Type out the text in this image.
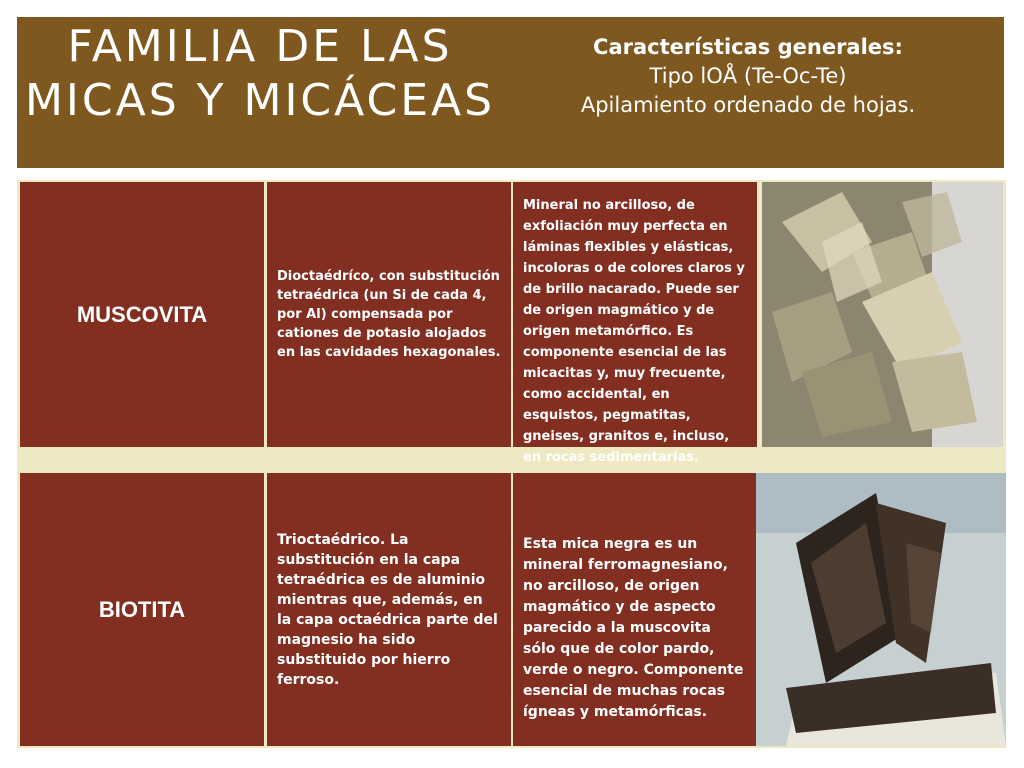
FAMILIA DE LAS
MICAS Y MICÁCEAS
Características generales:
Tipo lOÅ (Te-Oc-Te)
Apilamiento ordenado de hojas.
MUSCOVITA
Dioctaédríco, con substitución tetraédrica (un Si de cada 4, por Al) compensada por cationes de potasio alojados en las cavidades hexagonales.
Mineral no arcilloso, de exfoliación muy perfecta en láminas flexibles y elásticas, incoloras o de colores claros y de brillo nacarado. Puede ser de origen magmático y de origen metamórfico. Es componente esencial de las micacitas y, muy frecuente, como accidental, en esquistos, pegmatitas, gneises, granitos e, incluso, en rocas sedimentarias.
BIOTITA
Trioctaédrico. La substitución en la capa tetraédrica es de aluminio mientras que, además, en la capa octaédrica parte del magnesio ha sido substituido por hierro ferroso.
Esta mica negra es un mineral ferromagnesiano, no arcilloso, de origen magmático y de aspecto parecido a la muscovita sólo que de color pardo, verde o negro. Componente esencial de muchas rocas ígneas y metamórficas.
